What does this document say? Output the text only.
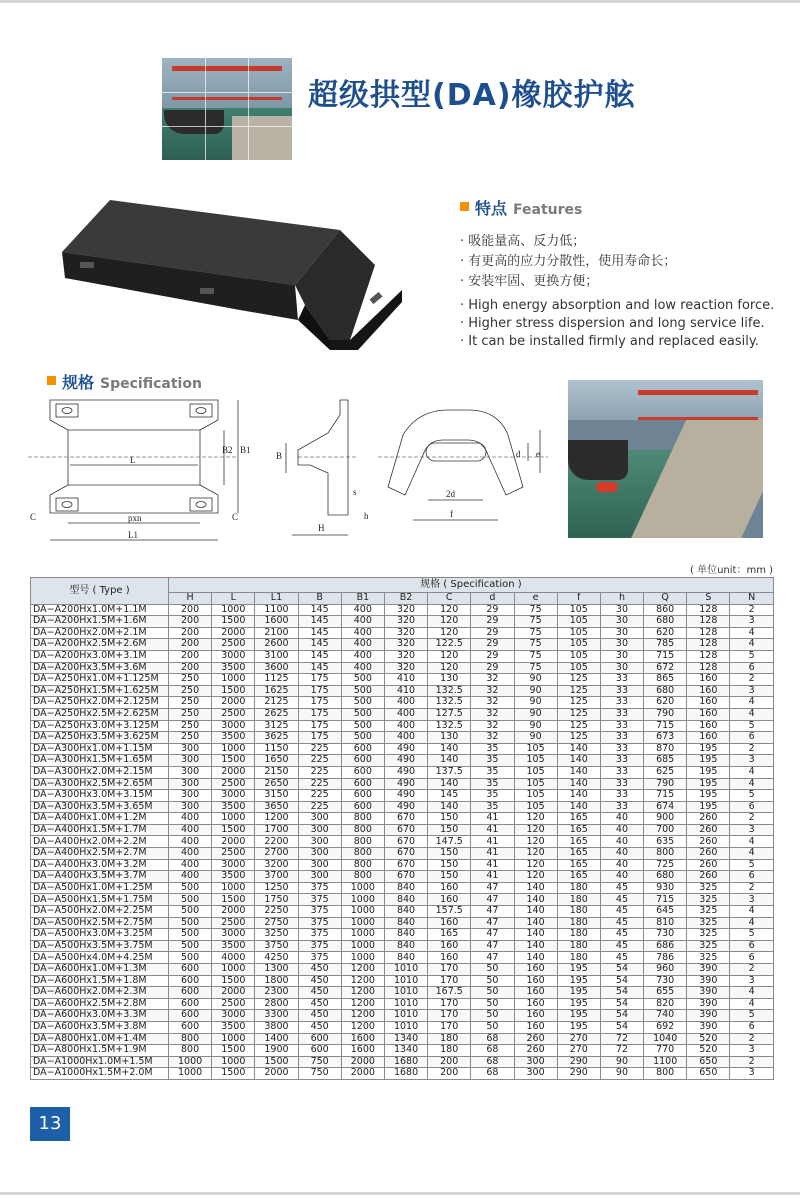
超级拱型(DA)橡胶护舷
特点 Features
· 吸能量高、反力低；
· 有更高的应力分散性，使用寿命长；
· 安装牢固、更换方便；
· High energy absorption and low reaction force.
· Higher stress dispersion and long service life.
· It can be installed firmly and replaced easily.
规格 Specification
L
B2 B1
pxn
L1
C	C
B
H
s
h
d e
2d
f
( 单位unit：mm )
型号 ( Type )	规格 ( Specification )													
	H	L	L1	B	B1	B2	C	d	e	f	h	Q	S	N
DA−A200Hx1.0M+1.1M	200	1000	1100	145	400	320	120	29	75	105	30	860	128	2
DA−A200Hx1.5M+1.6M	200	1500	1600	145	400	320	120	29	75	105	30	680	128	3
DA−A200Hx2.0M+2.1M	200	2000	2100	145	400	320	120	29	75	105	30	620	128	4
DA−A200Hx2.5M+2.6M	200	2500	2600	145	400	320	122.5	29	75	105	30	785	128	4
DA−A200Hx3.0M+3.1M	200	3000	3100	145	400	320	120	29	75	105	30	715	128	5
DA−A200Hx3.5M+3.6M	200	3500	3600	145	400	320	120	29	75	105	30	672	128	6
DA−A250Hx1.0M+1.125M	250	1000	1125	175	500	410	130	32	90	125	33	865	160	2
DA−A250Hx1.5M+1.625M	250	1500	1625	175	500	410	132.5	32	90	125	33	680	160	3
DA−A250Hx2.0M+2.125M	250	2000	2125	175	500	400	132.5	32	90	125	33	620	160	4
DA−A250Hx2.5M+2.625M	250	2500	2625	175	500	400	127.5	32	90	125	33	790	160	4
DA−A250Hx3.0M+3.125M	250	3000	3125	175	500	400	132.5	32	90	125	33	715	160	5
DA−A250Hx3.5M+3.625M	250	3500	3625	175	500	400	130	32	90	125	33	673	160	6
DA−A300Hx1.0M+1.15M	300	1000	1150	225	600	490	140	35	105	140	33	870	195	2
DA−A300Hx1.5M+1.65M	300	1500	1650	225	600	490	140	35	105	140	33	685	195	3
DA−A300Hx2.0M+2.15M	300	2000	2150	225	600	490	137.5	35	105	140	33	625	195	4
DA−A300Hx2.5M+2.65M	300	2500	2650	225	600	490	140	35	105	140	33	790	195	4
DA−A300Hx3.0M+3.15M	300	3000	3150	225	600	490	145	35	105	140	33	715	195	5
DA−A300Hx3.5M+3.65M	300	3500	3650	225	600	490	140	35	105	140	33	674	195	6
DA−A400Hx1.0M+1.2M	400	1000	1200	300	800	670	150	41	120	165	40	900	260	2
DA−A400Hx1.5M+1.7M	400	1500	1700	300	800	670	150	41	120	165	40	700	260	3
DA−A400Hx2.0M+2.2M	400	2000	2200	300	800	670	147.5	41	120	165	40	635	260	4
DA−A400Hx2.5M+2.7M	400	2500	2700	300	800	670	150	41	120	165	40	800	260	4
DA−A400Hx3.0M+3.2M	400	3000	3200	300	800	670	150	41	120	165	40	725	260	5
DA−A400Hx3.5M+3.7M	400	3500	3700	300	800	670	150	41	120	165	40	680	260	6
DA−A500Hx1.0M+1.25M	500	1000	1250	375	1000	840	160	47	140	180	45	930	325	2
DA−A500Hx1.5M+1.75M	500	1500	1750	375	1000	840	160	47	140	180	45	715	325	3
DA−A500Hx2.0M+2.25M	500	2000	2250	375	1000	840	157.5	47	140	180	45	645	325	4
DA−A500Hx2.5M+2.75M	500	2500	2750	375	1000	840	160	47	140	180	45	810	325	4
DA−A500Hx3.0M+3.25M	500	3000	3250	375	1000	840	165	47	140	180	45	730	325	5
DA−A500Hx3.5M+3.75M	500	3500	3750	375	1000	840	160	47	140	180	45	686	325	6
DA−A500Hx4.0M+4.25M	500	4000	4250	375	1000	840	160	47	140	180	45	786	325	6
DA−A600Hx1.0M+1.3M	600	1000	1300	450	1200	1010	170	50	160	195	54	960	390	2
DA−A600Hx1.5M+1.8M	600	1500	1800	450	1200	1010	170	50	160	195	54	730	390	3
DA−A600Hx2.0M+2.3M	600	2000	2300	450	1200	1010	167.5	50	160	195	54	655	390	4
DA−A600Hx2.5M+2.8M	600	2500	2800	450	1200	1010	170	50	160	195	54	820	390	4
DA−A600Hx3.0M+3.3M	600	3000	3300	450	1200	1010	170	50	160	195	54	740	390	5
DA−A600Hx3.5M+3.8M	600	3500	3800	450	1200	1010	170	50	160	195	54	692	390	6
DA−A800Hx1.0M+1.4M	800	1000	1400	600	1600	1340	180	68	260	270	72	1040	520	2
DA−A800Hx1.5M+1.9M	800	1500	1900	600	1600	1340	180	68	260	270	72	770	520	3
DA−A1000Hx1.0M+1.5M	1000	1000	1500	750	2000	1680	200	68	300	290	90	1100	650	2
DA−A1000Hx1.5M+2.0M	1000	1500	2000	750	2000	1680	200	68	300	290	90	800	650	3
13
